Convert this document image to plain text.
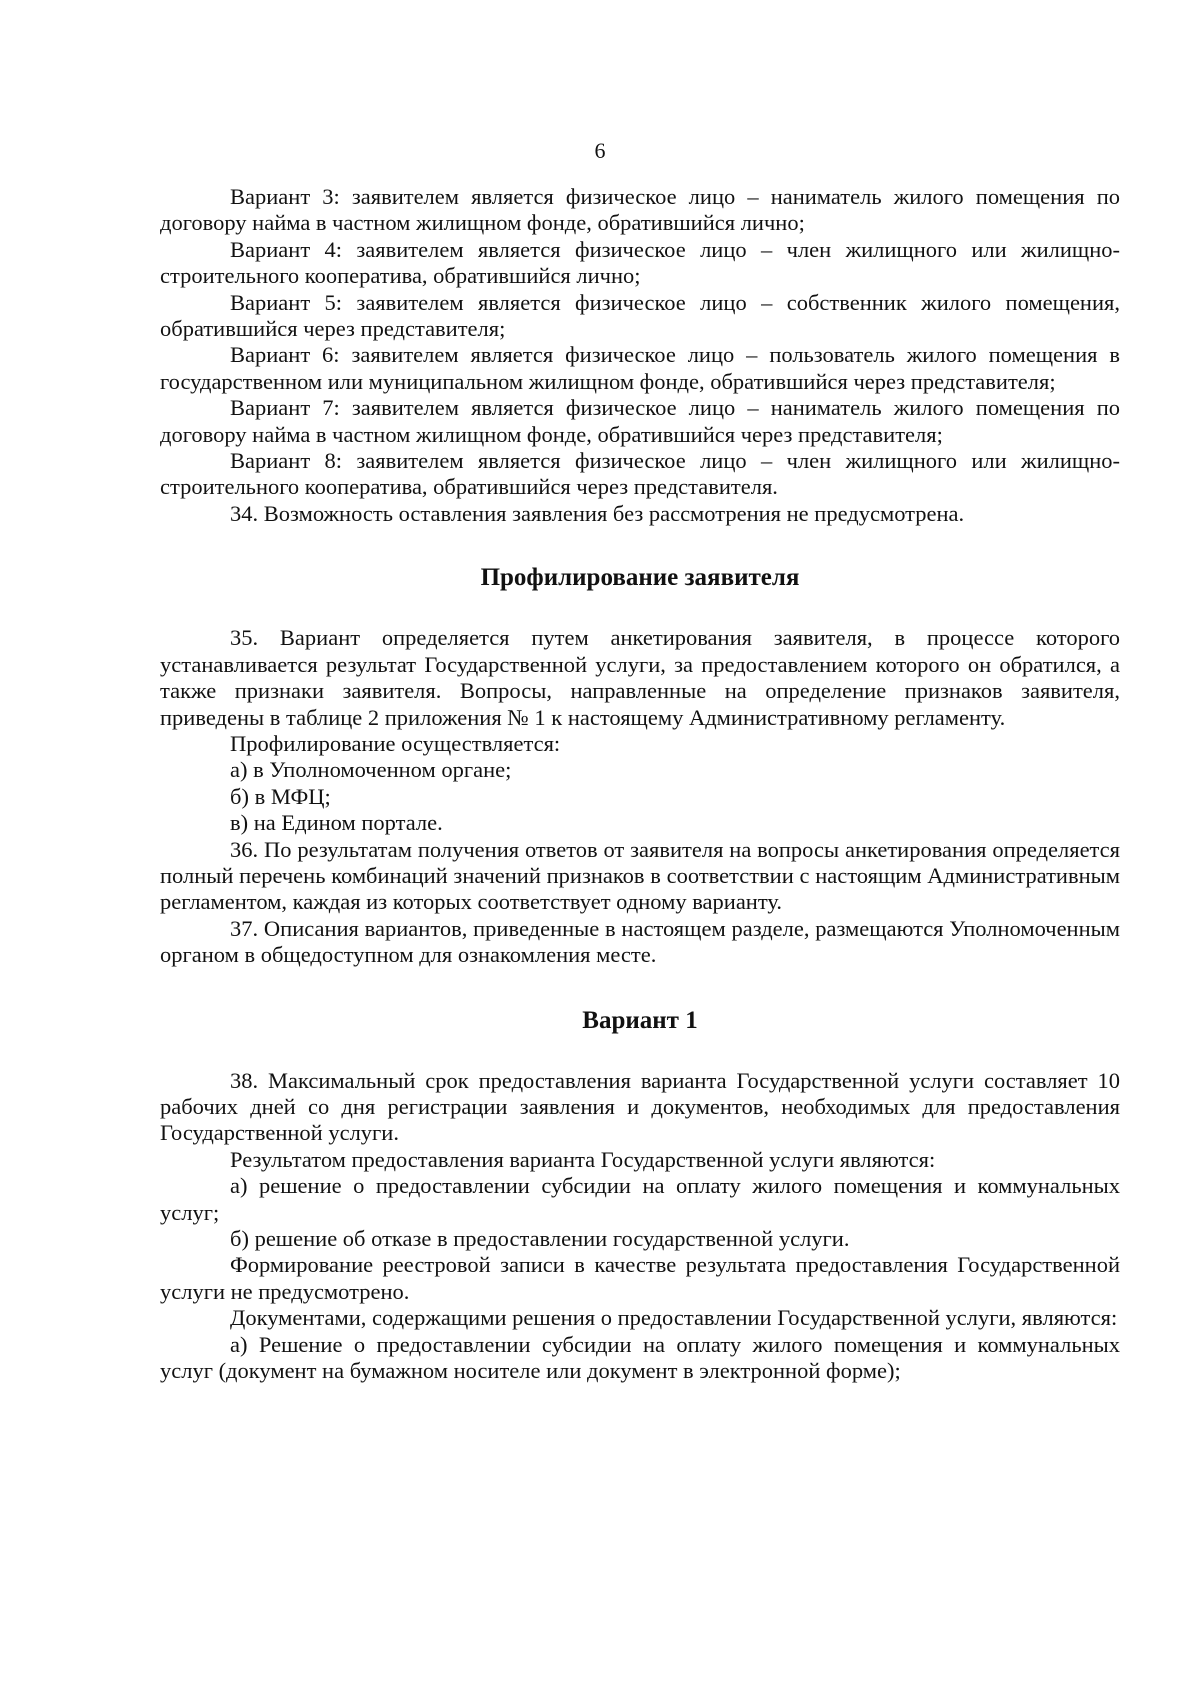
6

Вариант 3: заявителем является физическое лицо – наниматель жилого помещения по договору найма в частном жилищном фонде, обратившийся лично;

Вариант 4: заявителем является физическое лицо – член жилищного или жилищно-строительного кооператива, обратившийся лично;

Вариант 5: заявителем является физическое лицо – собственник жилого помещения, обратившийся через представителя;

Вариант 6: заявителем является физическое лицо – пользователь жилого помещения в государственном или муниципальном жилищном фонде, обратившийся через представителя;

Вариант 7: заявителем является физическое лицо – наниматель жилого помещения по договору найма в частном жилищном фонде, обратившийся через представителя;

Вариант 8: заявителем является физическое лицо – член жилищного или жилищно-строительного кооператива, обратившийся через представителя.

34. Возможность оставления заявления без рассмотрения не предусмотрена.

Профилирование заявителя

35. Вариант определяется путем анкетирования заявителя, в процессе которого устанавливается результат Государственной услуги, за предоставлением которого он обратился, а также признаки заявителя. Вопросы, направленные на определение признаков заявителя, приведены в таблице 2 приложения № 1 к настоящему Административному регламенту.

Профилирование осуществляется:

а) в Уполномоченном органе;

б) в МФЦ;

в) на Едином портале.

36. По результатам получения ответов от заявителя на вопросы анкетирования определяется полный перечень комбинаций значений признаков в соответствии с настоящим Административным регламентом, каждая из которых соответствует одному варианту.

37. Описания вариантов, приведенные в настоящем разделе, размещаются Уполномоченным органом в общедоступном для ознакомления месте.

Вариант 1

38. Максимальный срок предоставления варианта Государственной услуги составляет 10 рабочих дней со дня регистрации заявления и документов, необходимых для предоставления Государственной услуги.

Результатом предоставления варианта Государственной услуги являются:

а) решение о предоставлении субсидии на оплату жилого помещения и коммунальных услуг;

б) решение об отказе в предоставлении государственной услуги.

Формирование реестровой записи в качестве результата предоставления Государственной услуги не предусмотрено.

Документами, содержащими решения о предоставлении Государственной услуги, являются:

а) Решение о предоставлении субсидии на оплату жилого помещения и коммунальных услуг (документ на бумажном носителе или документ в электронной форме);
